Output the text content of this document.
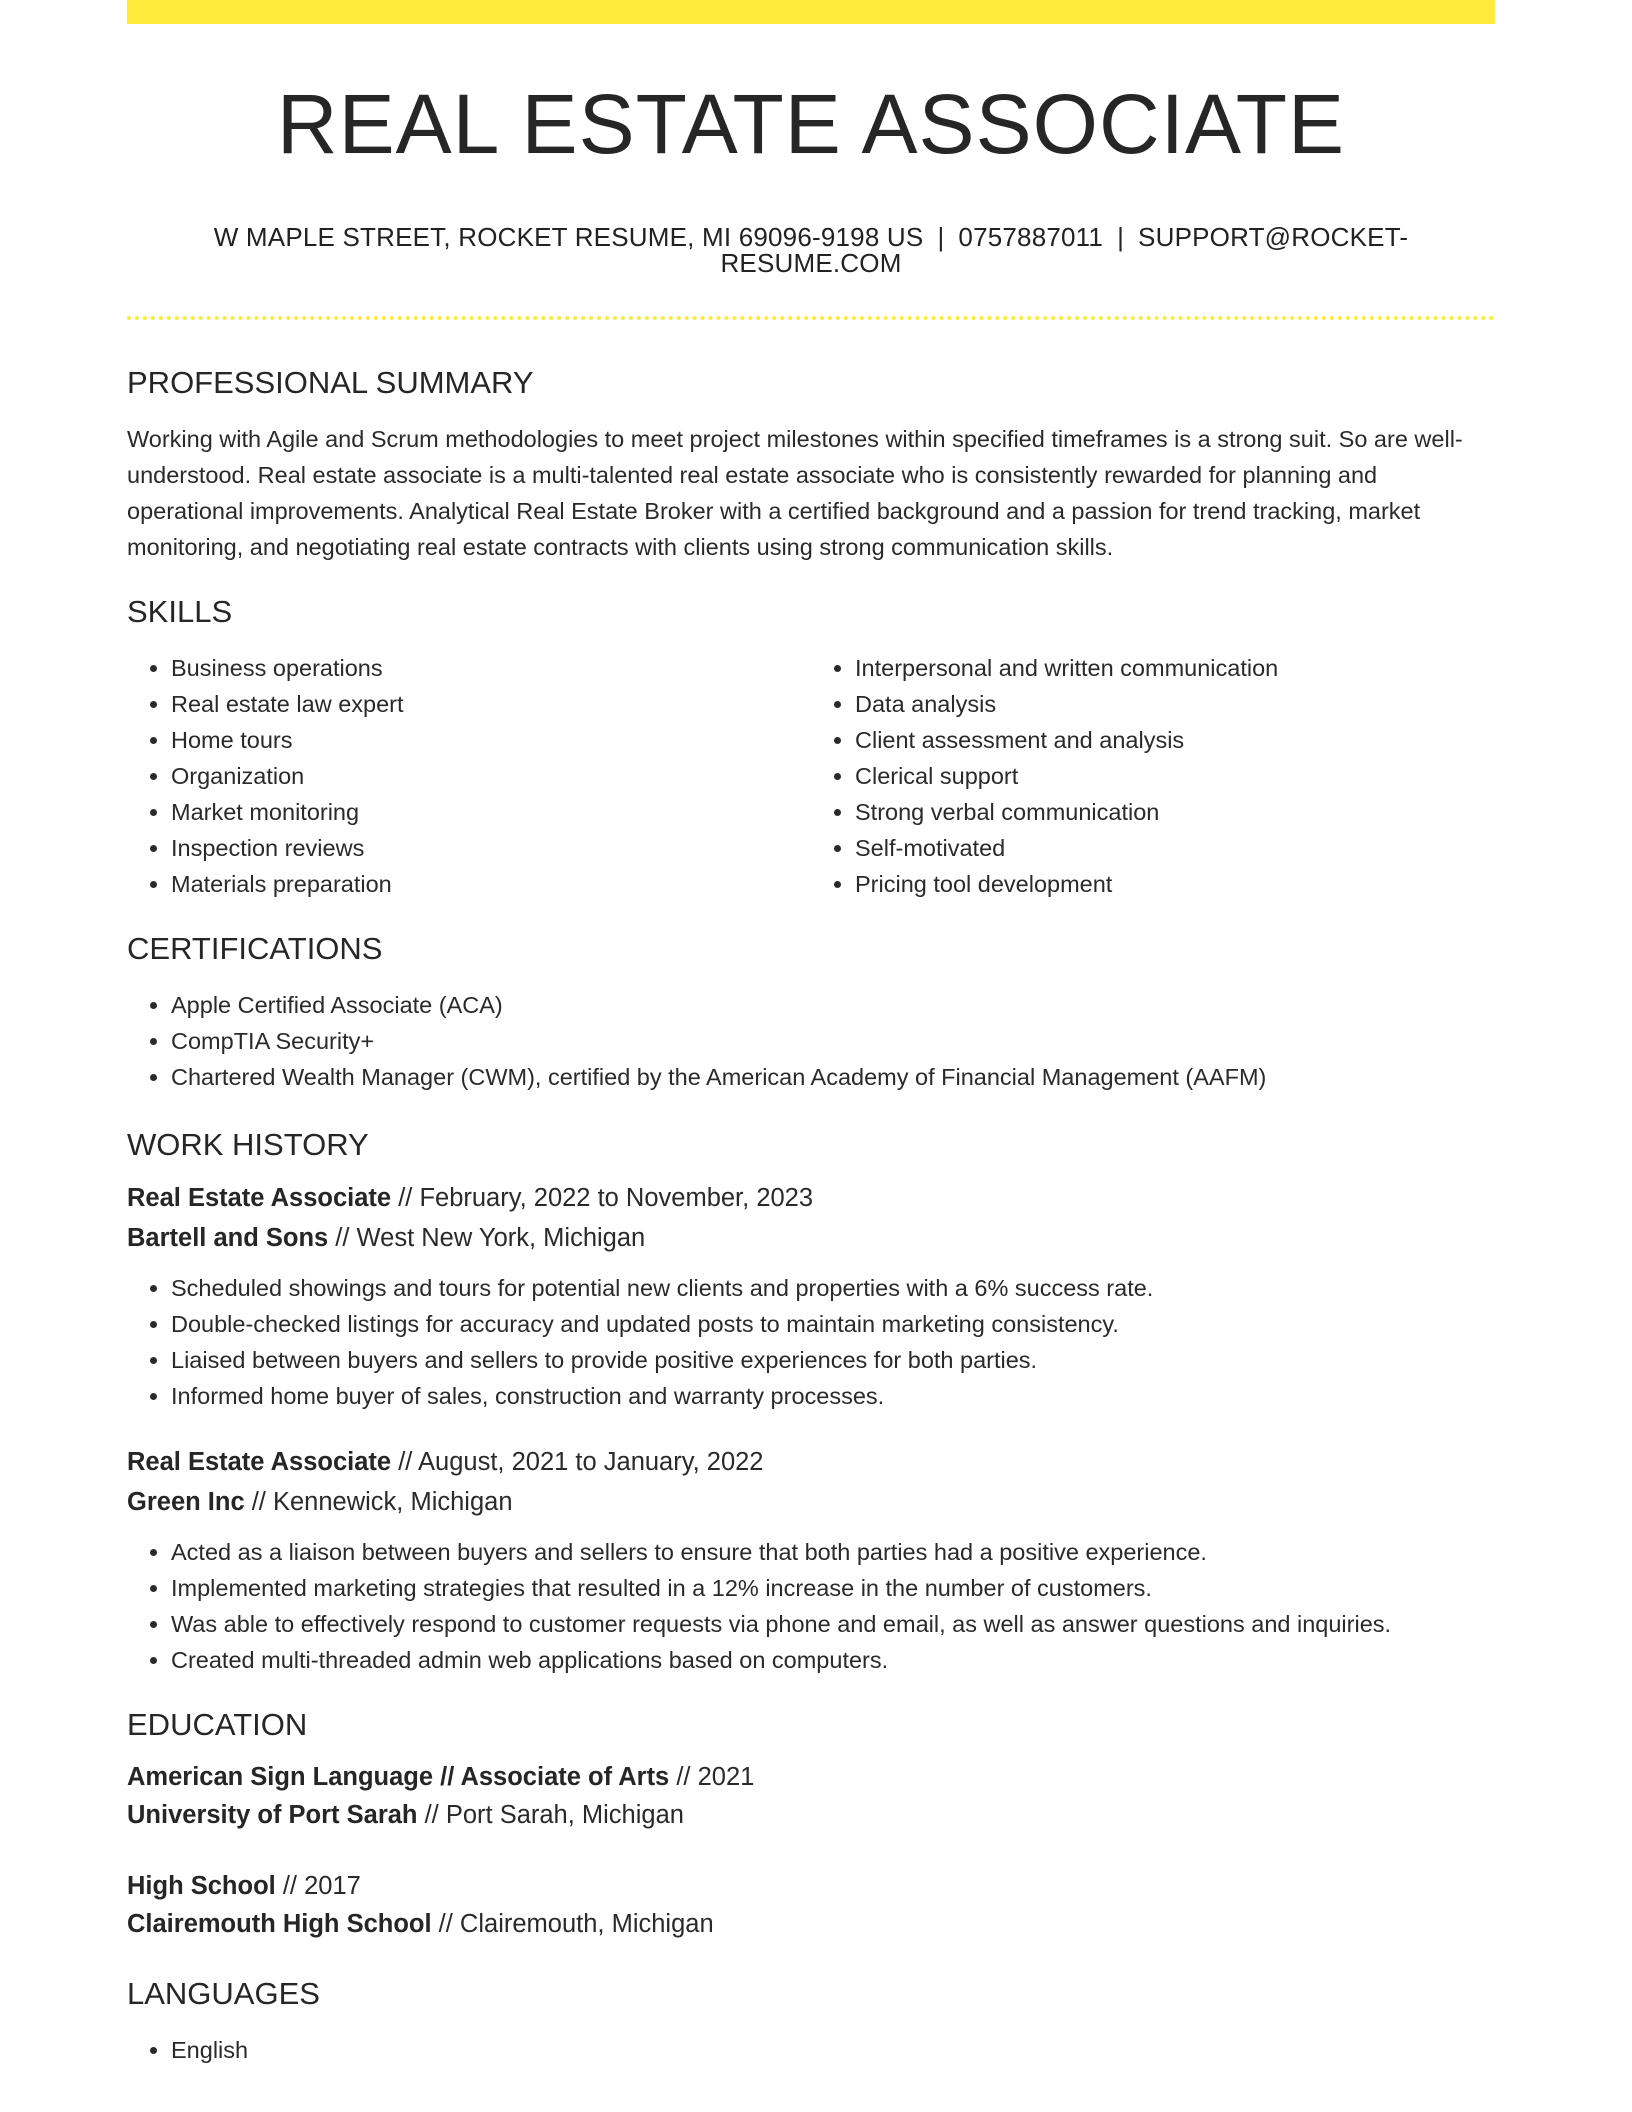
REAL ESTATE ASSOCIATE
W MAPLE STREET, ROCKET RESUME, MI 69096-9198 US | 0757887011 | SUPPORT@ROCKET-RESUME.COM
PROFESSIONAL SUMMARY

Working with Agile and Scrum methodologies to meet project milestones within specified timeframes is a strong suit. So are well-understood. Real estate associate is a multi-talented real estate associate who is consistently rewarded for planning and operational improvements. Analytical Real Estate Broker with a certified background and a passion for trend tracking, market monitoring, and negotiating real estate contracts with clients using strong communication skills.

SKILLS
• Business operations
• Real estate law expert
• Home tours
• Organization
• Market monitoring
• Inspection reviews
• Materials preparation
• Interpersonal and written communication
• Data analysis
• Client assessment and analysis
• Clerical support
• Strong verbal communication
• Self-motivated
• Pricing tool development
CERTIFICATIONS
• Apple Certified Associate (ACA)
• CompTIA Security+
• Chartered Wealth Manager (CWM), certified by the American Academy of Financial Management (AAFM)
WORK HISTORY
Real Estate Associate // February, 2022 to November, 2023
Bartell and Sons // West New York, Michigan
• Scheduled showings and tours for potential new clients and properties with a 6% success rate.
• Double-checked listings for accuracy and updated posts to maintain marketing consistency.
• Liaised between buyers and sellers to provide positive experiences for both parties.
• Informed home buyer of sales, construction and warranty processes.
Real Estate Associate // August, 2021 to January, 2022
Green Inc // Kennewick, Michigan
• Acted as a liaison between buyers and sellers to ensure that both parties had a positive experience.
• Implemented marketing strategies that resulted in a 12% increase in the number of customers.
• Was able to effectively respond to customer requests via phone and email, as well as answer questions and inquiries.
• Created multi-threaded admin web applications based on computers.
EDUCATION
American Sign Language // Associate of Arts // 2021
University of Port Sarah // Port Sarah, Michigan
High School // 2017
Clairemouth High School // Clairemouth, Michigan
LANGUAGES
• English
